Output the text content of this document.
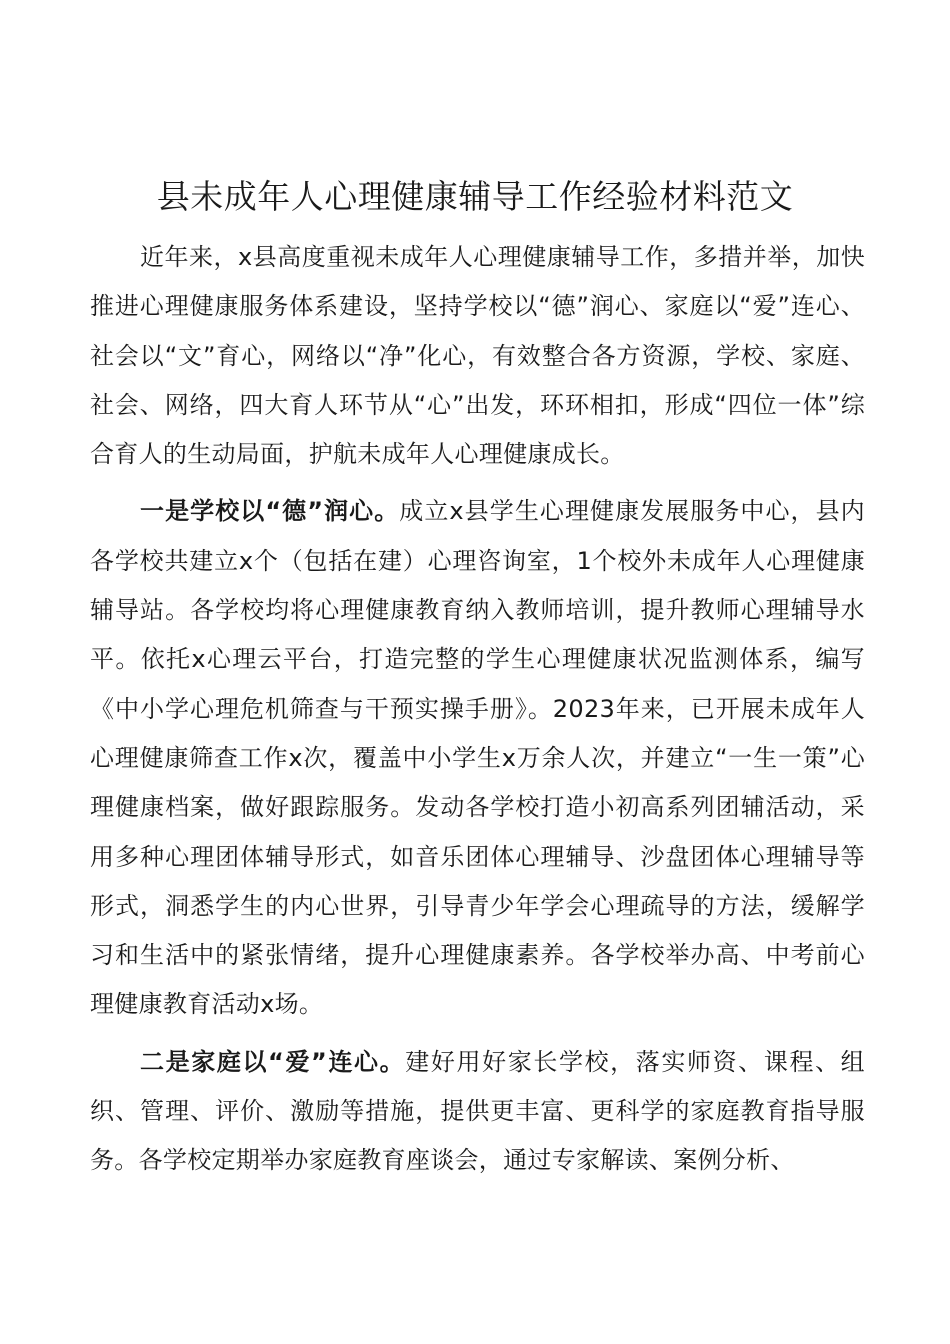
县未成年人心理健康辅导工作经验材料范文

近年来，x县高度重视未成年人心理健康辅导工作，多措并举，加快推进心理健康服务体系建设，坚持学校以“德”润心、家庭以“爱”连心、社会以“文”育心，网络以“净”化心，有效整合各方资源，学校、家庭、社会、网络，四大育人环节从“心”出发，环环相扣，形成“四位一体”综合育人的生动局面，护航未成年人心理健康成长。

一是学校以“德”润心。成立x县学生心理健康发展服务中心，县内各学校共建立x个（包括在建）心理咨询室，1个校外未成年人心理健康辅导站。各学校均将心理健康教育纳入教师培训，提升教师心理辅导水平。依托x心理云平台，打造完整的学生心理健康状况监测体系，编写《中小学心理危机筛查与干预实操手册》。2023年来，已开展未成年人心理健康筛查工作x次，覆盖中小学生x万余人次，并建立“一生一策”心理健康档案，做好跟踪服务。发动各学校打造小初高系列团辅活动，采用多种心理团体辅导形式，如音乐团体心理辅导、沙盘团体心理辅导等形式，洞悉学生的内心世界，引导青少年学会心理疏导的方法，缓解学习和生活中的紧张情绪，提升心理健康素养。各学校举办高、中考前心理健康教育活动x场。

二是家庭以“爱”连心。建好用好家长学校，落实师资、课程、组织、管理、评价、激励等措施，提供更丰富、更科学的家庭教育指导服务。各学校定期举办家庭教育座谈会，通过专家解读、案例分析、
